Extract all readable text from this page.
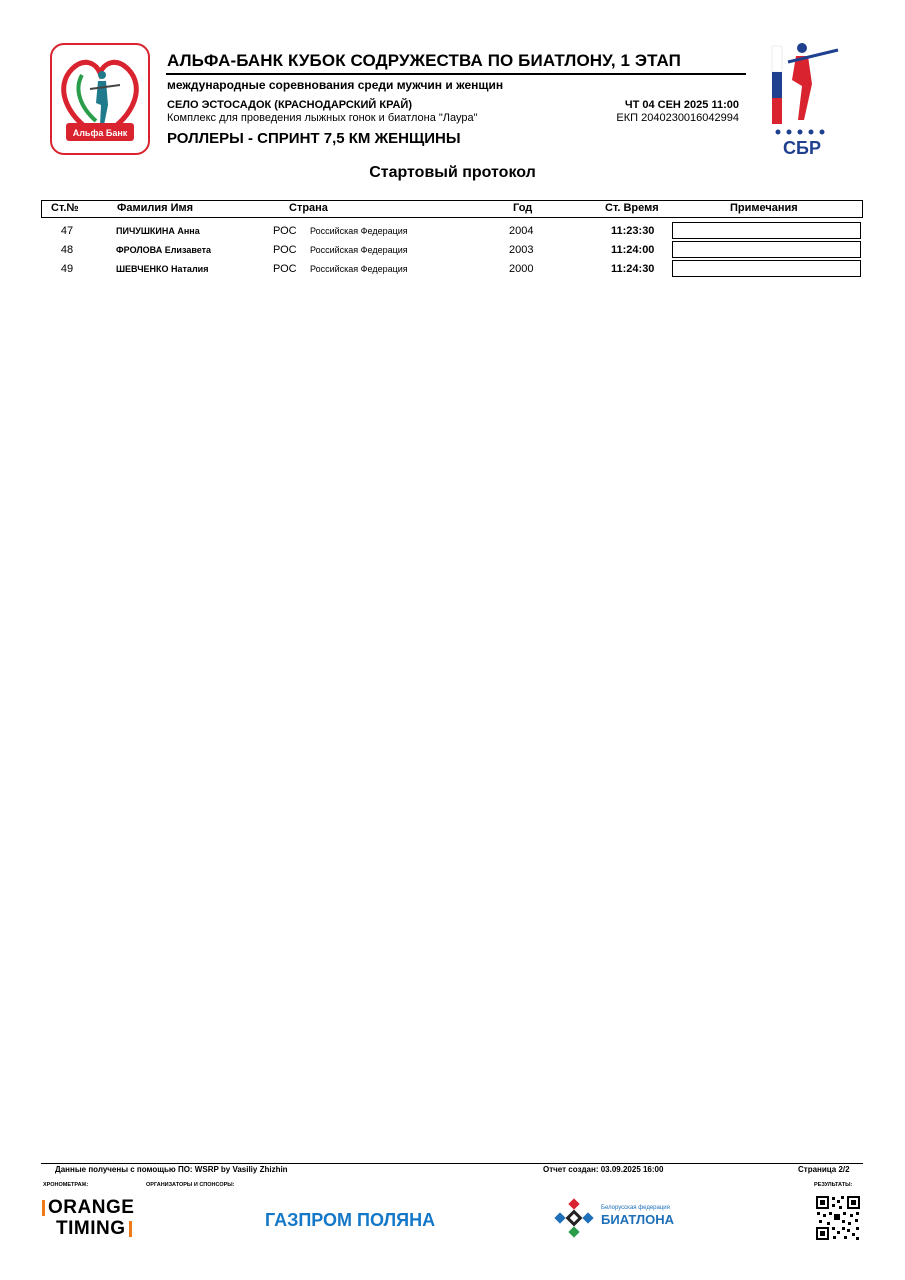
Альфа Банк
АЛЬФА-БАНК КУБОК СОДРУЖЕСТВА ПО БИАТЛОНУ, 1 ЭТАП
международные соревнования среди мужчин и женщин
СЕЛО ЭСТОСАДОК (КРАСНОДАРСКИЙ КРАЙ)
Комплекс для проведения лыжных гонок и биатлона "Лаура"
ЧТ 04 СЕН 2025 11:00
ЕКП 2040230016042994
РОЛЛЕРЫ - СПРИНТ 7,5 КМ ЖЕНЩИНЫ	СБР
Стартовый протокол
Ст.№	Фамилия Имя	Страна	Год	Ст. Время	Примечания
47	ПИЧУШКИНА Анна	РОС Российская Федерация	2004	11:23:30
48	ФРОЛОВА Елизавета	РОС Российская Федерация	2003	11:24:00
49	ШЕВЧЕНКО Наталия	РОС Российская Федерация	2000	11:24:30
Данные получены с помощью ПО: WSRP by Vasiliy Zhizhin	Отчет создан: 03.09.2025 16:00	Страница 2/2
ХРОНОМЕТРАЖ:	ОРГАНИЗАТОРЫ И СПОНСОРЫ:	РЕЗУЛЬТАТЫ:
ORANGE
TIMING	ГАЗПРОМ ПОЛЯНА
Белорусская федерация
БИАТЛОНА
